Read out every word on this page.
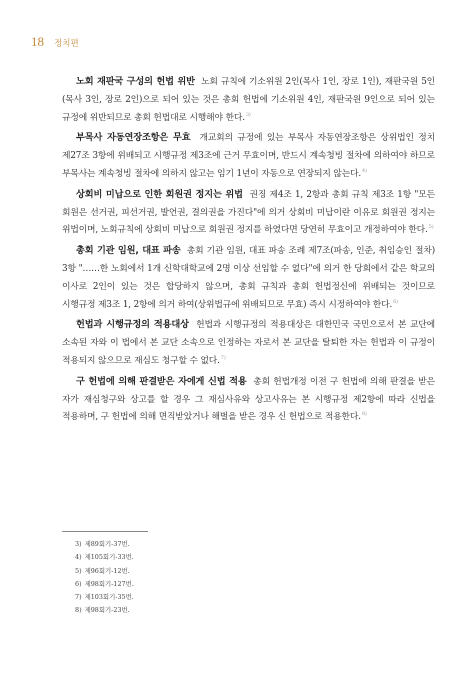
18 정치편

노회 재판국 구성의 헌법 위반 노회 규칙에 기소위원 2인(목사 1인, 장로 1인), 재판국원 5인(목사 3인, 장로 2인)으로 되어 있는 것은 총회 헌법에 기소위원 4인, 재판국원 9인으로 되어 있는 규정에 위반되므로 총회 헌법대로 시행해야 한다.$^{3)}$

부목사 자동연장조항은 무효 개교회의 규정에 있는 부목사 자동연장조항은 상위법인 정치 제27조 3항에 위배되고 시행규정 제3조에 근거 무효이며, 반드시 계속청빙 절차에 의하여야 하므로 부목사는 계속청빙 절차에 의하지 않고는 임기 1년이 자동으로 연장되지 않는다.$^{4)}$

상회비 미납으로 인한 회원권 정지는 위법 권징 제4조 1, 2항과 총회 규칙 제3조 1항 "모든 회원은 선거권, 피선거권, 발언권, 결의권을 가진다"에 의거 상회비 미납이란 이유로 회원권 정지는 위법이며, 노회규칙에 상회비 미납으로 회원권 정지를 하였다면 당연히 무효이고 개정하여야 한다.$^{5)}$

총회 기관 임원, 대표 파송 총회 기관 임원, 대표 파송 조례 제7조(파송, 인준, 취임승인 절차) 3항 "……한 노회에서 1개 신학대학교에 2명 이상 선임할 수 없다"에 의거 한 당회에서 같은 학교의 이사로 2인이 있는 것은 합당하지 않으며, 총회 규칙과 총회 헌법정신에 위배되는 것이므로 시행규정 제3조 1, 2항에 의거 하여(상위법규에 위배되므로 무효) 즉시 시정하여야 한다.$^{6)}$

헌법과 시행규정의 적용대상 헌법과 시행규정의 적용대상은 대한민국 국민으로서 본 교단에 소속된 자와 이 법에서 본 교단 소속으로 인정하는 자로서 본 교단을 탈퇴한 자는 헌법과 이 규정이 적용되지 않으므로 재심도 청구할 수 없다.$^{7)}$

구 헌법에 의해 판결받은 자에게 신법 적용 총회 헌법개정 이전 구 헌법에 의해 판결을 받은 자가 재심청구와 상고를 할 경우 그 재심사유와 상고사유는 본 시행규정 제2항에 따라 신법을 적용하며, 구 헌법에 의해 면직받았거나 해벌을 받은 경우 신 헌법으로 적용한다.$^{8)}$

3) 제89회기-37번.
4) 제105회기-33번.
5) 제96회기-12번.
6) 제98회기-127번.
7) 제103회기-35번.
8) 제98회기-23번.
